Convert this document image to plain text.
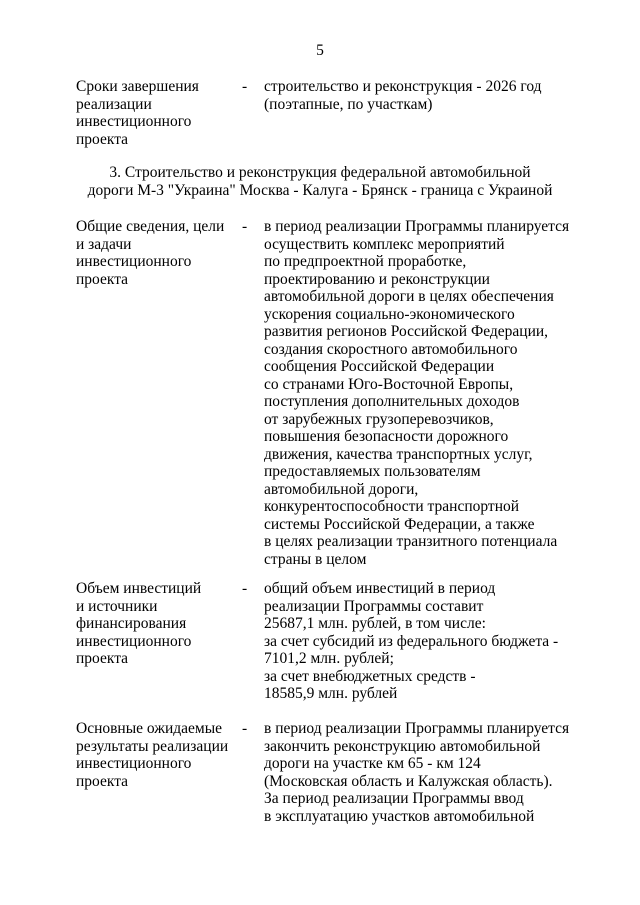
5
Сроки завершения
реализации
инвестиционного
проекта
- строительство и реконструкция - 2026 год
(поэтапные, по участкам)
3. Строительство и реконструкция федеральной автомобильной
дороги М-3 "Украина" Москва - Калуга - Брянск - граница с Украиной
Общие сведения, цели
и задачи
инвестиционного
проекта
- в период реализации Программы планируется
осуществить комплекс мероприятий
по предпроектной проработке,
проектированию и реконструкции
автомобильной дороги в целях обеспечения
ускорения социально-экономического
развития регионов Российской Федерации,
создания скоростного автомобильного
сообщения Российской Федерации
со странами Юго-Восточной Европы,
поступления дополнительных доходов
от зарубежных грузоперевозчиков,
повышения безопасности дорожного
движения, качества транспортных услуг,
предоставляемых пользователям
автомобильной дороги,
конкурентоспособности транспортной
системы Российской Федерации, а также
в целях реализации транзитного потенциала
страны в целом
Объем инвестиций
и источники
финансирования
инвестиционного
проекта
- общий объем инвестиций в период
реализации Программы составит
25687,1 млн. рублей, в том числе:
за счет субсидий из федерального бюджета -
7101,2 млн. рублей;
за счет внебюджетных средств -
18585,9 млн. рублей
Основные ожидаемые
результаты реализации
инвестиционного
проекта
- в период реализации Программы планируется
закончить реконструкцию автомобильной
дороги на участке км 65 - км 124
(Московская область и Калужская область).
За период реализации Программы ввод
в эксплуатацию участков автомобильной
